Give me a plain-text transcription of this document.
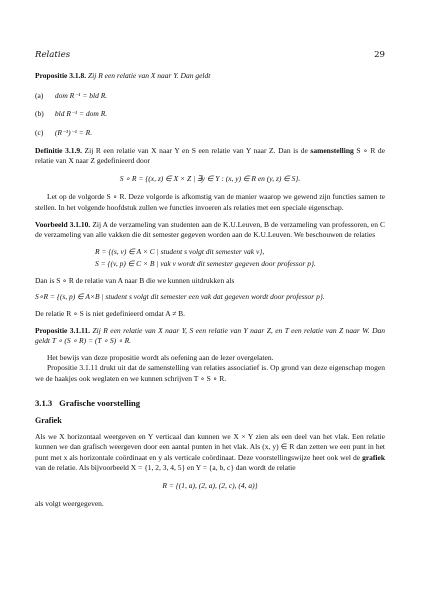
Relaties	29

Propositie 3.1.8. Zij R een relatie van X naar Y. Dan geldt

(a) dom R⁻¹ = bld R.
(b) bld R⁻¹ = dom R.
(c) (R⁻¹)⁻¹ = R.

Definitie 3.1.9. Zij R een relatie van X naar Y en S een relatie van Y naar Z. Dan is de samenstelling S ∘ R de relatie van X naar Z gedefinieerd door

S ∘ R = {(x, z) ∈ X × Z | ∃y ∈ Y : (x, y) ∈ R en (y, z) ∈ S}.

Let op de volgorde S ∘ R. Deze volgorde is afkomstig van de manier waarop we gewend zijn functies samen te stellen. In het volgende hoofdstuk zullen we functies invoeren als relaties met een speciale eigenschap.

Voorbeeld 3.1.10. Zij A de verzameling van studenten aan de K.U.Leuven, B de verzameling van professoren, en C de verzameling van alle vakken die dit semester gegeven worden aan de K.U.Leuven. We beschouwen de relaties

R = {(s, v) ∈ A × C | student s volgt dit semester vak v},
S = {(v, p) ∈ C × B | vak v wordt dit semester gegeven door professor p}.

Dan is S ∘ R de relatie van A naar B die we kunnen uitdrukken als

S∘R = {(s, p) ∈ A×B | student s volgt dit semester een vak dat gegeven wordt door professor p}.

De relatie R ∘ S is niet gedefinieerd omdat A ≠ B.

Propositie 3.1.11. Zij R een relatie van X naar Y, S een relatie van Y naar Z, en T een relatie van Z naar W. Dan geldt T ∘ (S ∘ R) = (T ∘ S) ∘ R.

Het bewijs van deze propositie wordt als oefening aan de lezer overgelaten.

Propositie 3.1.11 drukt uit dat de samenstelling van relaties associatief is. Op grond van deze eigenschap mogen we de haakjes ook weglaten en we kunnen schrijven T ∘ S ∘ R.

3.1.3 Grafische voorstelling
Grafiek

Als we X horizontaal weergeven en Y verticaal dan kunnen we X × Y zien als een deel van het vlak. Een relatie kunnen we dan grafisch weergeven door een aantal punten in het vlak. Als (x, y) ∈ R dan zetten we een punt in het punt met x als horizontale coördinaat en y als verticale coördinaat. Deze voorstellingswijze heet ook wel de grafiek van de relatie. Als bijvoorbeeld X = {1, 2, 3, 4, 5} en Y = {a, b, c} dan wordt de relatie

R = {(1, a), (2, a), (2, c), (4, a)}

als volgt weergegeven.
